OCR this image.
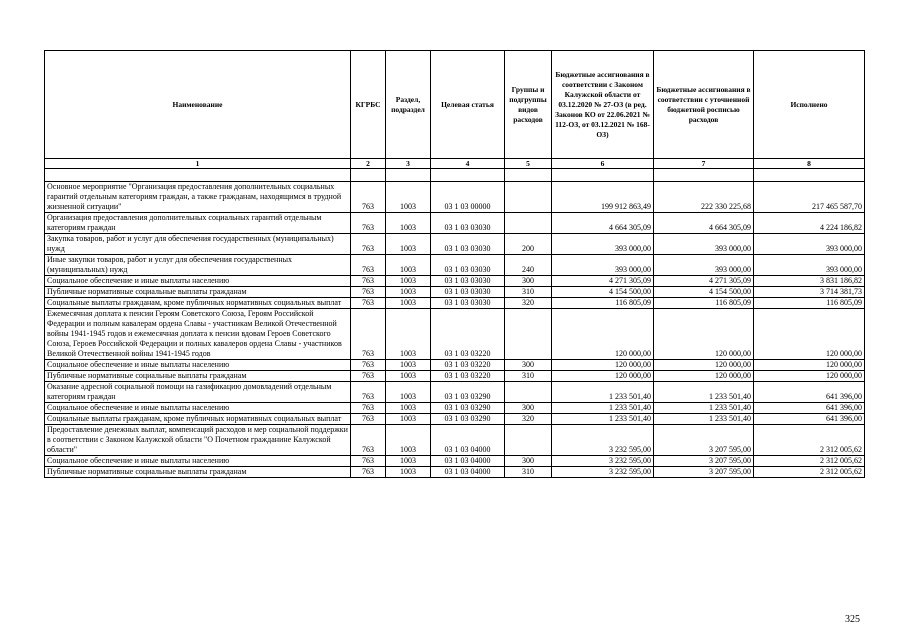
Наименование	КГРБС	Раздел, подраздел	Целевая статья	Группы и подгруппы видов расходов	Бюджетные ассигнования в соответствии с Законом Калужской области от 03.12.2020 № 27-ОЗ (в ред. Законов КО от 22.06.2021 № 112-ОЗ, от 03.12.2021 № 168-ОЗ)	Бюджетные ассигнования в соответствии с уточненной бюджетной росписью расходов	Исполнено
1	2	3	4	5	6	7	8

Основное мероприятие "Организация предоставления дополнительных социальных гарантий отдельным категориям граждан, а также гражданам, находящимся в трудной жизненной ситуации"	763	1003	03 1 03 00000		199 912 863,49	222 330 225,68	217 465 587,70
Организация предоставления дополнительных социальных гарантий отдельным категориям граждан	763	1003	03 1 03 03030		4 664 305,09	4 664 305,09	4 224 186,82
Закупка товаров, работ и услуг для обеспечения государственных (муниципальных) нужд	763	1003	03 1 03 03030	200	393 000,00	393 000,00	393 000,00
Иные закупки товаров, работ и услуг для обеспечения государственных (муниципальных) нужд	763	1003	03 1 03 03030	240	393 000,00	393 000,00	393 000,00
Социальное обеспечение и иные выплаты населению	763	1003	03 1 03 03030	300	4 271 305,09	4 271 305,09	3 831 186,82
Публичные нормативные социальные выплаты гражданам	763	1003	03 1 03 03030	310	4 154 500,00	4 154 500,00	3 714 381,73
Социальные выплаты гражданам, кроме публичных нормативных социальных выплат	763	1003	03 1 03 03030	320	116 805,09	116 805,09	116 805,09
Ежемесячная доплата к пенсии Героям Советского Союза, Героям Российской Федерации и полным кавалерам ордена Славы - участникам Великой Отечественной войны 1941-1945 годов и ежемесячная доплата к пенсии вдовам Героев Советского Союза, Героев Российской Федерации и полных кавалеров ордена Славы - участников Великой Отечественной войны 1941-1945 годов	763	1003	03 1 03 03220		120 000,00	120 000,00	120 000,00
Социальное обеспечение и иные выплаты населению	763	1003	03 1 03 03220	300	120 000,00	120 000,00	120 000,00
Публичные нормативные социальные выплаты гражданам	763	1003	03 1 03 03220	310	120 000,00	120 000,00	120 000,00
Оказание адресной социальной помощи на газификацию домовладений отдельным категориям граждан	763	1003	03 1 03 03290		1 233 501,40	1 233 501,40	641 396,00
Социальное обеспечение и иные выплаты населению	763	1003	03 1 03 03290	300	1 233 501,40	1 233 501,40	641 396,00
Социальные выплаты гражданам, кроме публичных нормативных социальных выплат	763	1003	03 1 03 03290	320	1 233 501,40	1 233 501,40	641 396,00
Предоставление денежных выплат, компенсаций расходов и мер социальной поддержки в соответствии с Законом Калужской области "О Почетном гражданине Калужской области"	763	1003	03 1 03 04000		3 232 595,00	3 207 595,00	2 312 005,62
Социальное обеспечение и иные выплаты населению	763	1003	03 1 03 04000	300	3 232 595,00	3 207 595,00	2 312 005,62
Публичные нормативные социальные выплаты гражданам	763	1003	03 1 03 04000	310	3 232 595,00	3 207 595,00	2 312 005,62
325
